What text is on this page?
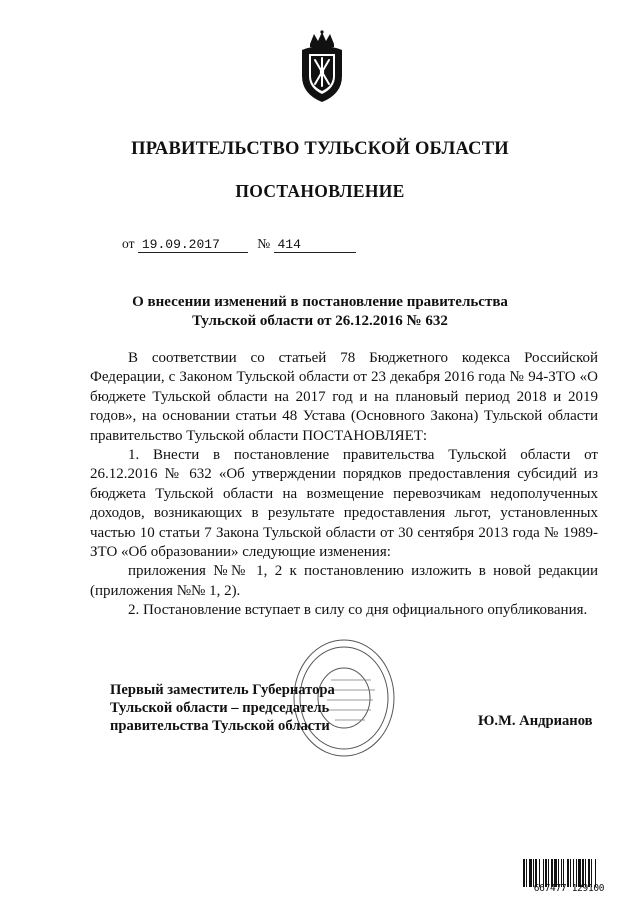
ПРАВИТЕЛЬСТВО ТУЛЬСКОЙ ОБЛАСТИ
ПОСТАНОВЛЕНИЕ
от 19.09.2017	№ 414
О внесении изменений в постановление правительства Тульской области от 26.12.2016 № 632

В соответствии со статьей 78 Бюджетного кодекса Российской Федерации, с Законом Тульской области от 23 декабря 2016 года № 94-ЗТО «О бюджете Тульской области на 2017 год и на плановый период 2018 и 2019 годов», на основании статьи 48 Устава (Основного Закона) Тульской области правительство Тульской области ПОСТАНОВЛЯЕТ:

1. Внести в постановление правительства Тульской области от 26.12.2016 № 632 «Об утверждении порядков предоставления субсидий из бюджета Тульской области на возмещение перевозчикам недополученных доходов, возникающих в результате предоставления льгот, установленных частью 10 статьи 7 Закона Тульской области от 30 сентября 2013 года № 1989-ЗТО «Об образовании» следующие изменения:

приложения №№ 1, 2 к постановлению изложить в новой редакции (приложения №№ 1, 2).

2. Постановление вступает в силу со дня официального опубликования.

Первый заместитель Губернатора
Тульской области – председатель
правительства Тульской области	Ю.М. Андрианов
667477 129100
